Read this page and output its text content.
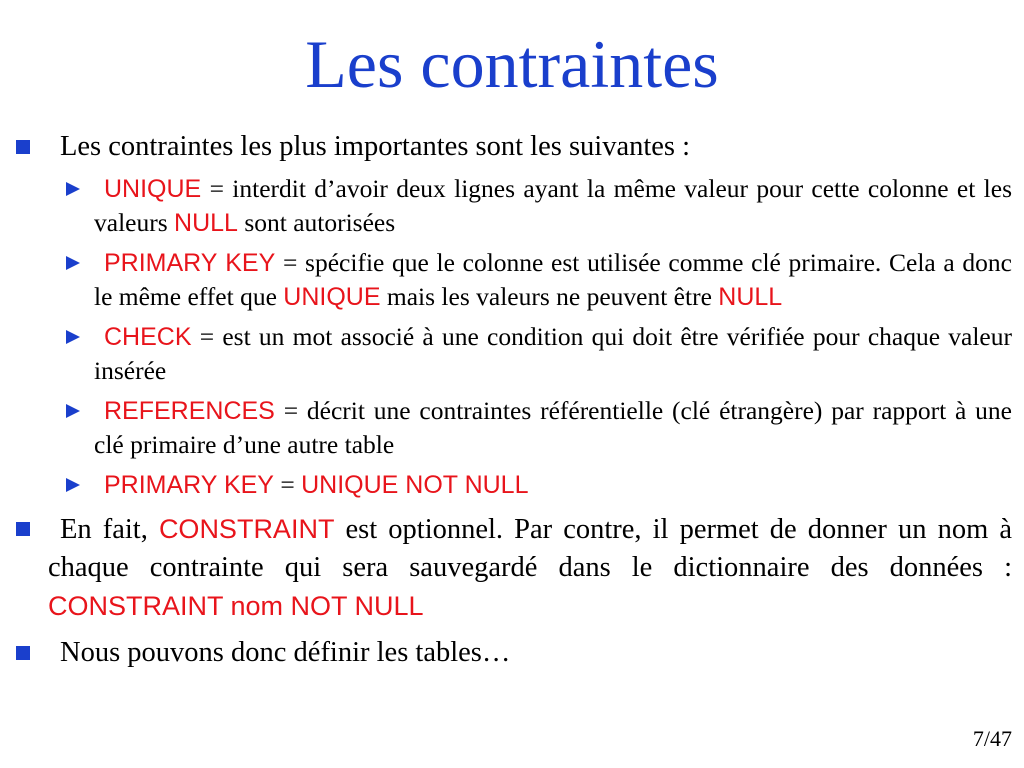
Les contraintes
Les contraintes les plus importantes sont les suivantes :
UNIQUE = interdit d’avoir deux lignes ayant la même valeur pour cette colonne et les valeurs NULL sont autorisées
PRIMARY KEY = spécifie que le colonne est utilisée comme clé primaire. Cela a donc le même effet que UNIQUE mais les valeurs ne peuvent être NULL
CHECK = est un mot associé à une condition qui doit être vérifiée pour chaque valeur insérée
REFERENCES = décrit une contraintes référentielle (clé étrangère) par rapport à une clé primaire d’une autre table
PRIMARY KEY = UNIQUE NOT NULL
En fait, CONSTRAINT est optionnel. Par contre, il permet de donner un nom à chaque contrainte qui sera sauvegardé dans le dictionnaire des données : CONSTRAINT nom NOT NULL
Nous pouvons donc définir les tables…
7/47
